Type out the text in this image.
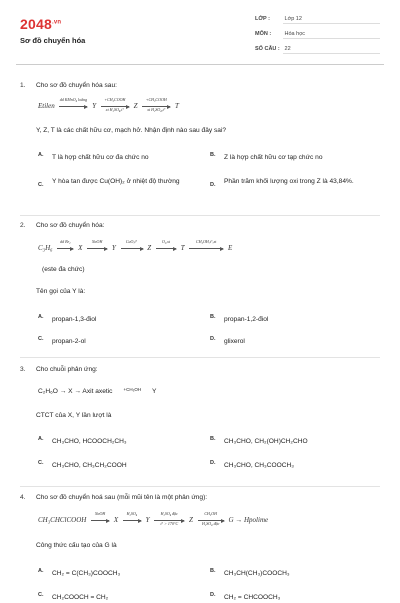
$2048^{.vn}$
Sơ đồ chuyển hóa
LỚP :	Lớp 12
MÔN : Hóa học
SỐ CÂU : 22
1. Cho sơ đồ chuyển hóa sau:
Etilen
dd KMnO₄ loãng
Y
+CH₃COOH
xt H₂SO₄,t°	Z
+CH₃COOH
xt H₂SO₄,t°	T
Y, Z, T là các chất hữu cơ, mạch hở. Nhận định nào sau đây sai?
A. T là hợp chất hữu cơ đa chức no	B. Z là hợp chất hữu cơ tạp chức no
C. Y hòa tan được Cu(OH)₂ ở nhiệt độ thường	D. Phần trăm khối lượng oxi trong Z là 43,84%.
2. Cho sơ đồ chuyển hóa:
C₃H₆
dd Br₂
X
NaOH
Y
CuO,t°
Z
O₂,xt
T
CH₃OH,t°,xt
E
(este đa chức)
Tên gọi của Y là:
A. propan-1,3-điol	B. propan-1,2-điol
C. propan-2-ol	D. glixerol
3. Cho chuỗi phản ứng:
C₂H₆O → X → Axit axetic	+CH₃OH	Y
CTCT của X, Y lần lượt là
A. CH₃CHO, HCOOCH₂CH₃	B. CH₃CHO, CH₂(OH)CH₂CHO
C. CH₃CHO, CH₃CH₂COOH	D. CH₃CHO, CH₃COOCH₃
4. Cho sơ đồ chuyển hoá sau (mỗi mũi tên là một phản ứng):
CH₃CHClCOOH
NaOH
X
H₂SO₄
Y
H₂SO₄ đặc
t° > 170°C	Z
CH₃OH
H₂SO₄ đặc	G → Hpolime
Công thức cấu tạo của G là
A. CH₂ = C(CH₃)COOCH₃	B. CH₃CH(CH₃)COOCH₃
C. CH₂COOCH = CH₂	D. CH₂ = CHCOOCH₃
